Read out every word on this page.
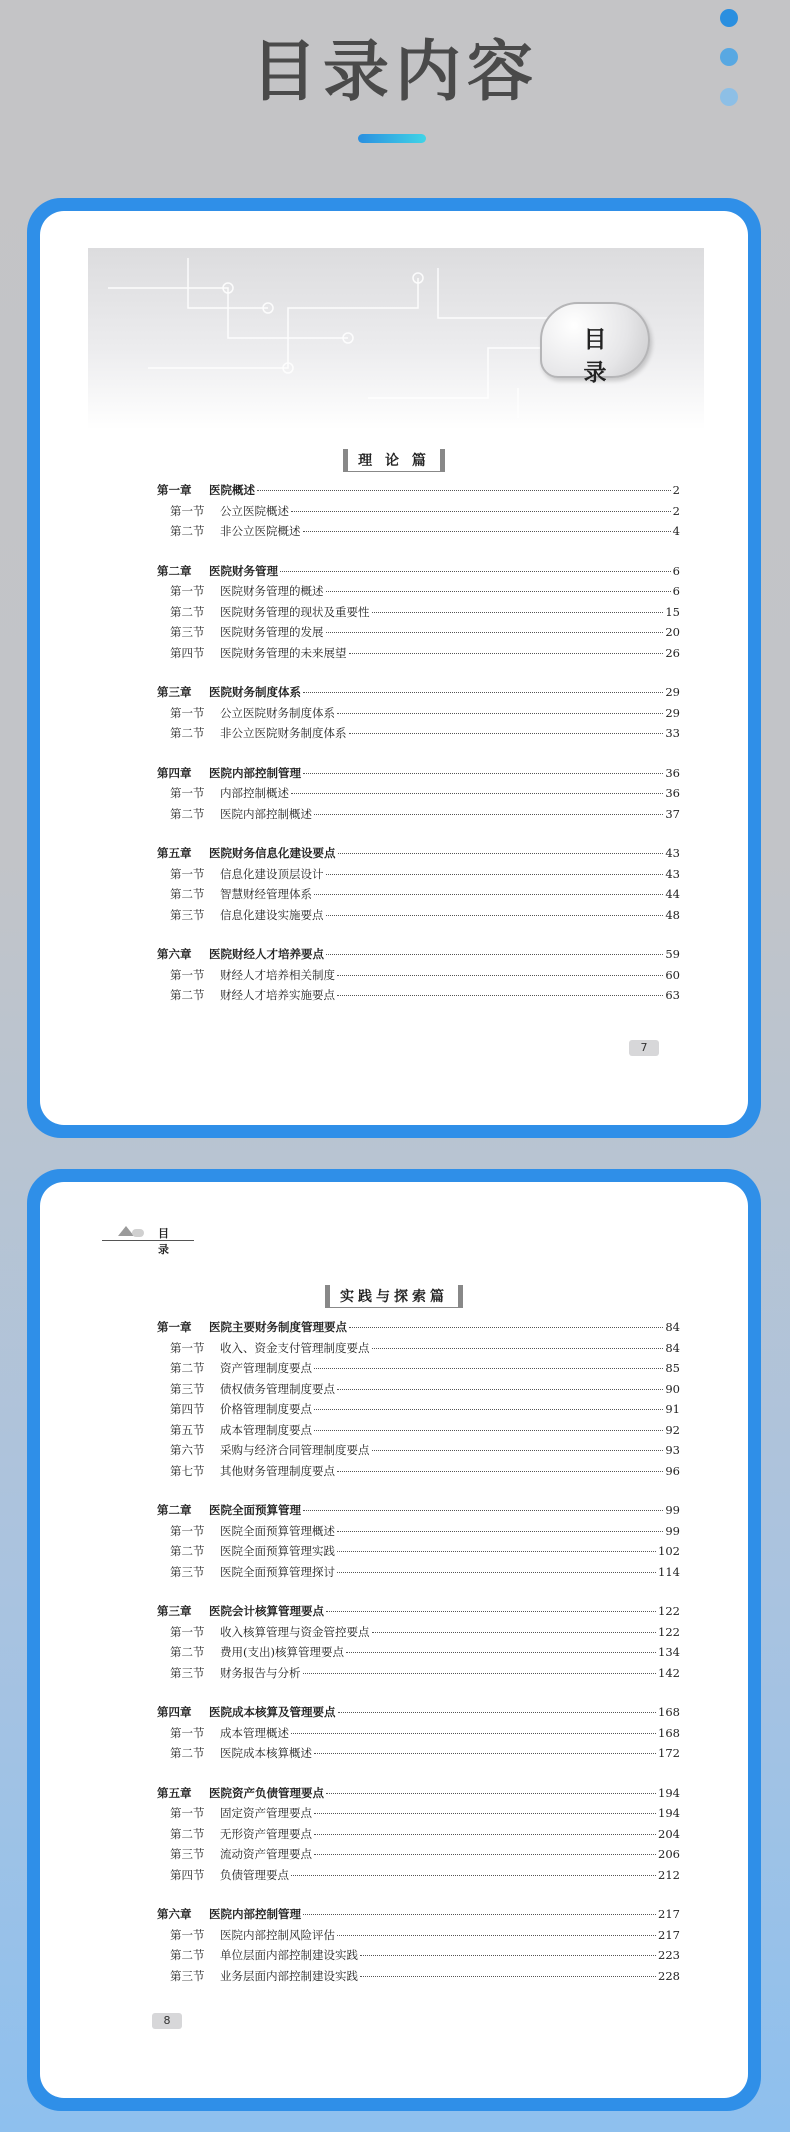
目录内容
目 录
理 论 篇
第一章	医院概述	2
第一节	公立医院概述	2
第二节	非公立医院概述	4
第二章	医院财务管理	6
第一节	医院财务管理的概述	6
第二节	医院财务管理的现状及重要性	15
第三节	医院财务管理的发展	20
第四节	医院财务管理的未来展望	26
第三章	医院财务制度体系	29
第一节	公立医院财务制度体系	29
第二节	非公立医院财务制度体系	33
第四章	医院内部控制管理	36
第一节	内部控制概述	36
第二节	医院内部控制概述	37
第五章	医院财务信息化建设要点	43
第一节	信息化建设顶层设计	43
第二节	智慧财经管理体系	44
第三节	信息化建设实施要点	48
第六章	医院财经人才培养要点	59
第一节	财经人才培养相关制度	60
第二节	财经人才培养实施要点	63
7
目 录
实践与探索篇
第一章	医院主要财务制度管理要点	84
第一节	收入、资金支付管理制度要点	84
第二节	资产管理制度要点	85
第三节	债权债务管理制度要点	90
第四节	价格管理制度要点	91
第五节	成本管理制度要点	92
第六节	采购与经济合同管理制度要点	93
第七节	其他财务管理制度要点	96
第二章	医院全面预算管理	99
第一节	医院全面预算管理概述	99
第二节	医院全面预算管理实践	102
第三节	医院全面预算管理探讨	114
第三章	医院会计核算管理要点	122
第一节	收入核算管理与资金管控要点	122
第二节	费用(支出)核算管理要点	134
第三节	财务报告与分析	142
第四章	医院成本核算及管理要点	168
第一节	成本管理概述	168
第二节	医院成本核算概述	172
第五章	医院资产负债管理要点	194
第一节	固定资产管理要点	194
第二节	无形资产管理要点	204
第三节	流动资产管理要点	206
第四节	负债管理要点	212
第六章	医院内部控制管理	217
第一节	医院内部控制风险评估	217
第二节	单位层面内部控制建设实践	223
第三节	业务层面内部控制建设实践	228
8
